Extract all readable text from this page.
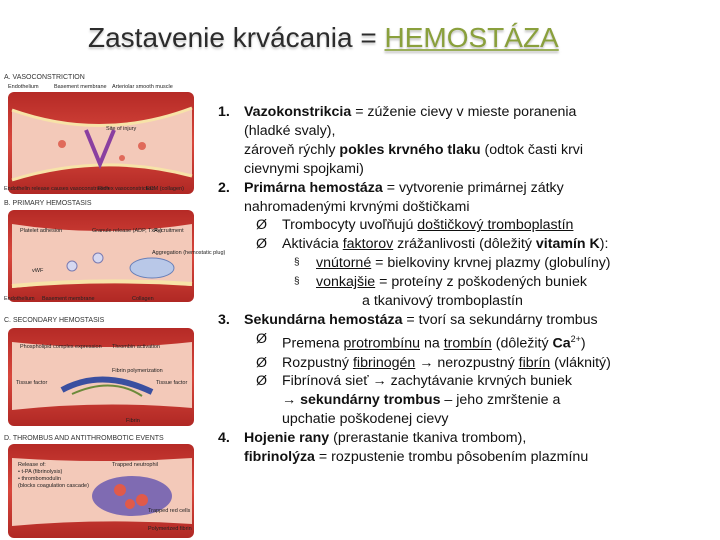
Zastavenie krvácania = HEMOSTÁZA
A. VASOCONSTRICTION
Endothelium	Basement membrane Arteriolar smooth muscle
Site of injury
Endothelin release causes vasoconstriction
Reflex vasoconstriction
ECM (collagen)
B. PRIMARY HEMOSTASIS
Platelet adhesion	Granule release (ADP, TxA₂)
Recruitment
vWF
Aggregation (hemostatic plug)
Endothelium Basement membrane	Collagen
C. SECONDARY HEMOSTASIS
Phospholipid complex expression Thrombin activation
Tissue factor
Fibrin polymerization
Tissue factor
Fibrin
D. THROMBUS AND ANTITHROMBOTIC EVENTS
Release of:
• t-PA (fibrinolysis)
• thrombomodulin
(blocks coagulation cascade)
Trapped neutrophil
Trapped red cells
Polymerized fibrin
1. Vazokonstrikcia = zúženie cievy v mieste poranenia
(hladké svaly),
zároveň rýchly pokles krvného tlaku (odtok časti krvi
cievnymi spojkami)
2. Primárna hemostáza = vytvorenie primárnej zátky
nahromadenými krvnými doštičkami
Ø Trombocyty uvoľňujú doštičkový tromboplastín
Ø Aktivácia faktorov zrážanlivosti (dôležitý vitamín K):
§ vnútorné = bielkoviny krvnej plazmy (globulíny)
§ vonkajšie = proteíny z poškodených buniek
a tkanivový tromboplastín
3. Sekundárna hemostáza = tvorí sa sekundárny trombus
Ø Premena protrombínu na trombín (dôležitý $Ca^{2+}$)
Ø Rozpustný fibrinogén → nerozpustný fibrín (vláknitý)
Ø Fibrínová sieť → zachytávanie krvných buniek
→ sekundárny trombus – jeho zmrštenie a
upchatie poškodenej cievy
4. Hojenie rany (prerastanie tkaniva trombom),
fibrinolýza = rozpustenie trombu pôsobením plazmínu
